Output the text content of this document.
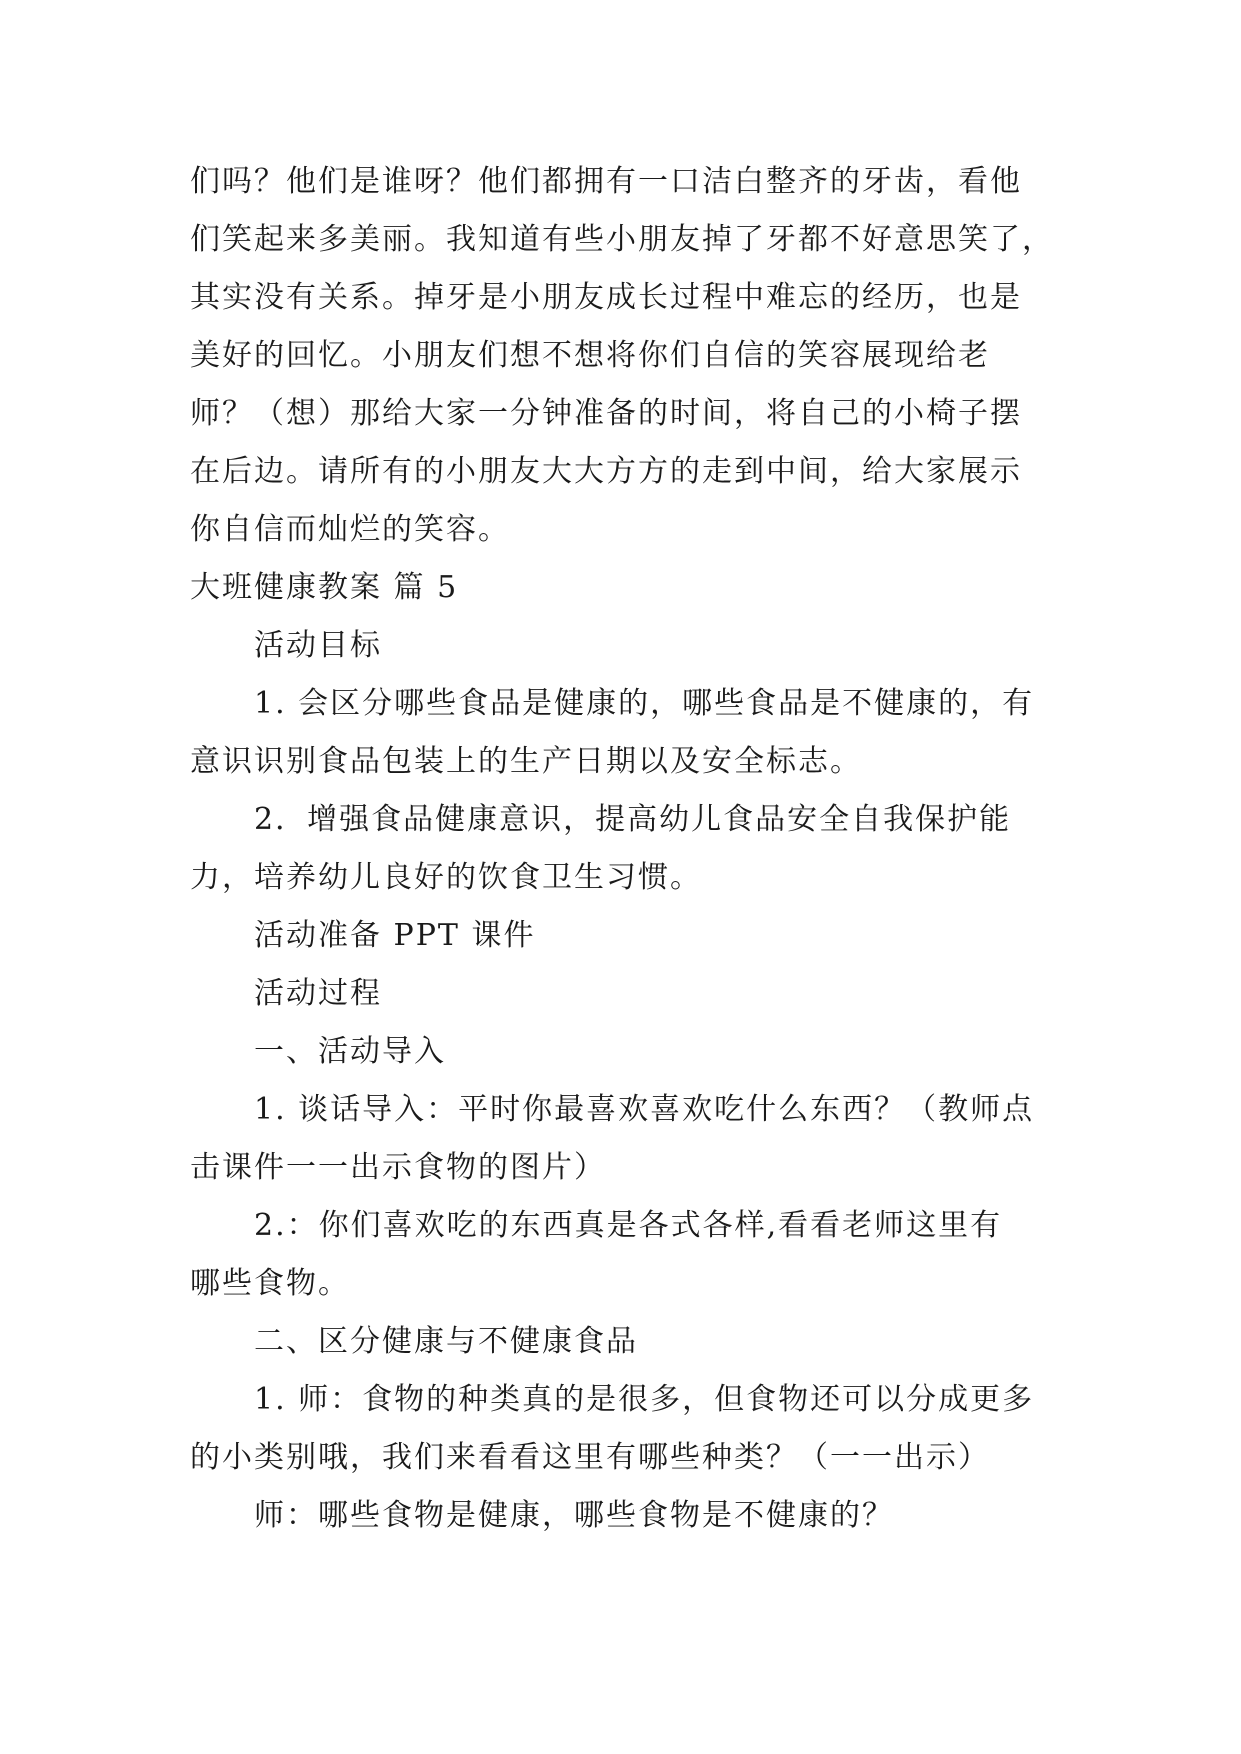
们吗？他们是谁呀？他们都拥有一口洁白整齐的牙齿，看他
们笑起来多美丽。我知道有些小朋友掉了牙都不好意思笑了，
其实没有关系。掉牙是小朋友成长过程中难忘的经历，也是
美好的回忆。小朋友们想不想将你们自信的笑容展现给老
师？（想）那给大家一分钟准备的时间，将自己的小椅子摆
在后边。请所有的小朋友大大方方的走到中间，给大家展示
你自信而灿烂的笑容。
大班健康教案 篇 5
活动目标
1. 会区分哪些食品是健康的，哪些食品是不健康的，有
意识识别食品包装上的生产日期以及安全标志。
2．增强食品健康意识，提高幼儿食品安全自我保护能
力，培养幼儿良好的饮食卫生习惯。
活动准备 PPT 课件
活动过程
一、活动导入
1. 谈话导入：平时你最喜欢喜欢吃什么东西？（教师点
击课件一一出示食物的图片）
2.：你们喜欢吃的东西真是各式各样,看看老师这里有
哪些食物。
二、区分健康与不健康食品
1. 师：食物的种类真的是很多，但食物还可以分成更多
的小类别哦，我们来看看这里有哪些种类？（一一出示）
师：哪些食物是健康，哪些食物是不健康的？
